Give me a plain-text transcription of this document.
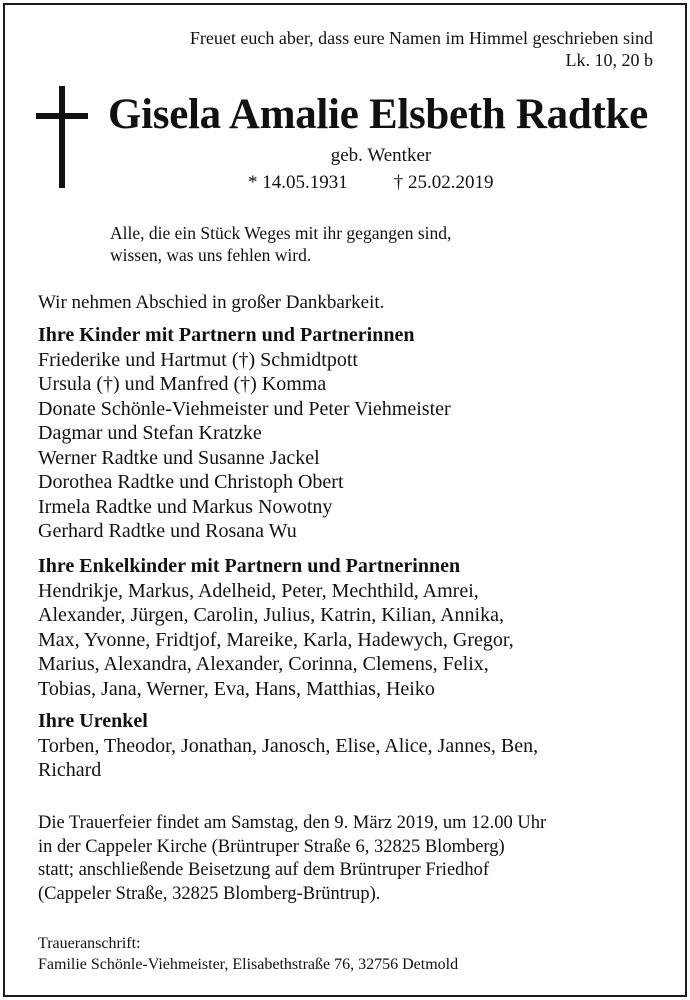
Freuet euch aber, dass eure Namen im Himmel geschrieben sind
Lk. 10, 20 b
Gisela Amalie Elsbeth Radtke
geb. Wentker
* 14.05.1931 † 25.02.2019
Alle, die ein Stück Weges mit ihr gegangen sind,
wissen, was uns fehlen wird.
Wir nehmen Abschied in großer Dankbarkeit.
Ihre Kinder mit Partnern und Partnerinnen
Friederike und Hartmut (†) Schmidtpott
Ursula (†) und Manfred (†) Komma
Donate Schönle-Viehmeister und Peter Viehmeister
Dagmar und Stefan Kratzke
Werner Radtke und Susanne Jackel
Dorothea Radtke und Christoph Obert
Irmela Radtke und Markus Nowotny
Gerhard Radtke und Rosana Wu
Ihre Enkelkinder mit Partnern und Partnerinnen
Hendrikje, Markus, Adelheid, Peter, Mechthild, Amrei,
Alexander, Jürgen, Carolin, Julius, Katrin, Kilian, Annika,
Max, Yvonne, Fridtjof, Mareike, Karla, Hadewych, Gregor,
Marius, Alexandra, Alexander, Corinna, Clemens, Felix,
Tobias, Jana, Werner, Eva, Hans, Matthias, Heiko
Ihre Urenkel
Torben, Theodor, Jonathan, Janosch, Elise, Alice, Jannes, Ben,
Richard
Die Trauerfeier findet am Samstag, den 9. März 2019, um 12.00 Uhr
in der Cappeler Kirche (Brüntruper Straße 6, 32825 Blomberg)
statt; anschließende Beisetzung auf dem Brüntruper Friedhof
(Cappeler Straße, 32825 Blomberg-Brüntrup).
Traueranschrift:
Familie Schönle-Viehmeister, Elisabethstraße 76, 32756 Detmold
